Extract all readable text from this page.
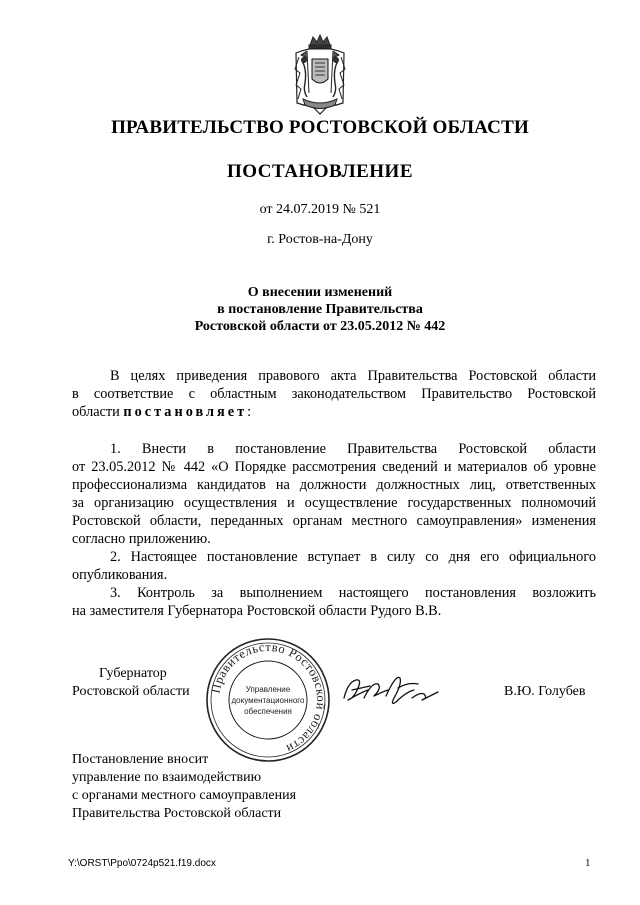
ПРАВИТЕЛЬСТВО РОСТОВСКОЙ ОБЛАСТИ
ПОСТАНОВЛЕНИЕ
от 24.07.2019 № 521
г. Ростов-на-Дону
О внесении изменений
в постановление Правительства
Ростовской области от 23.05.2012 № 442
В целях приведения правового акта Правительства Ростовской области
в соответствие с областным законодательством Правительство Ростовской
области постановляет:
1. Внести в постановление Правительства Ростовской области
от 23.05.2012 № 442 «О Порядке рассмотрения сведений и материалов об уровне
профессионализма кандидатов на должности должностных лиц, ответственных
за организацию осуществления и осуществление государственных полномочий
Ростовской области, переданных органам местного самоуправления» изменения
согласно приложению.
2. Настоящее постановление вступает в силу со дня его официального
опубликования.
3. Контроль за выполнением настоящего постановления возложить
на заместителя Губернатора Ростовской области Рудого В.В.
Губернатор
Ростовской области	В.Ю. Голубев
Правительство Ростовской области
Управление
документационного
обеспечения
Постановление вносит
управление по взаимодействию
с органами местного самоуправления
Правительства Ростовской области
Y:\ORST\Ppo\0724p521.f19.docx	1
